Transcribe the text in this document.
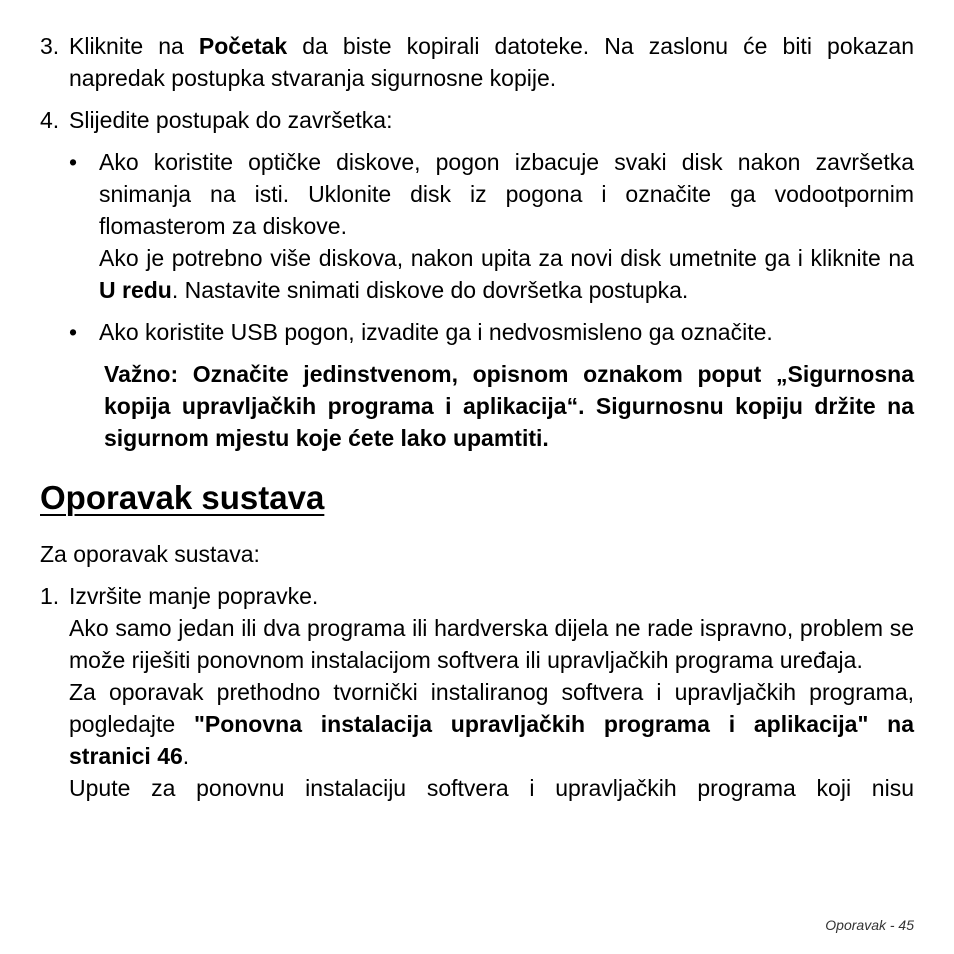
3. Kliknite na Početak da biste kopirali datoteke. Na zaslonu će biti pokazan napredak postupka stvaranja sigurnosne kopije.

4. Slijedite postupak do završetka:

• Ako koristite optičke diskove, pogon izbacuje svaki disk nakon završetka snimanja na isti. Uklonite disk iz pogona i označite ga vodootpornim flomasterom za diskove.

Ako je potrebno više diskova, nakon upita za novi disk umetnite ga i kliknite na U redu. Nastavite snimati diskove do dovršetka postupka.

• Ako koristite USB pogon, izvadite ga i nedvosmisleno ga označite.

Važno: Označite jedinstvenom, opisnom oznakom poput „Sigurnosna kopija upravljačkih programa i aplikacija“. Sigurnosnu kopiju držite na sigurnom mjestu koje ćete lako upamtiti.

Oporavak sustava

Za oporavak sustava:

1. Izvršite manje popravke.

Ako samo jedan ili dva programa ili hardverska dijela ne rade ispravno, problem se može riješiti ponovnom instalacijom softvera ili upravljačkih programa uređaja.

Za oporavak prethodno tvornički instaliranog softvera i upravljačkih programa, pogledajte "Ponovna instalacija upravljačkih programa i aplikacija" na stranici 46.

Upute za ponovnu instalaciju softvera i upravljačkih programa koji nisu

Oporavak - 45
